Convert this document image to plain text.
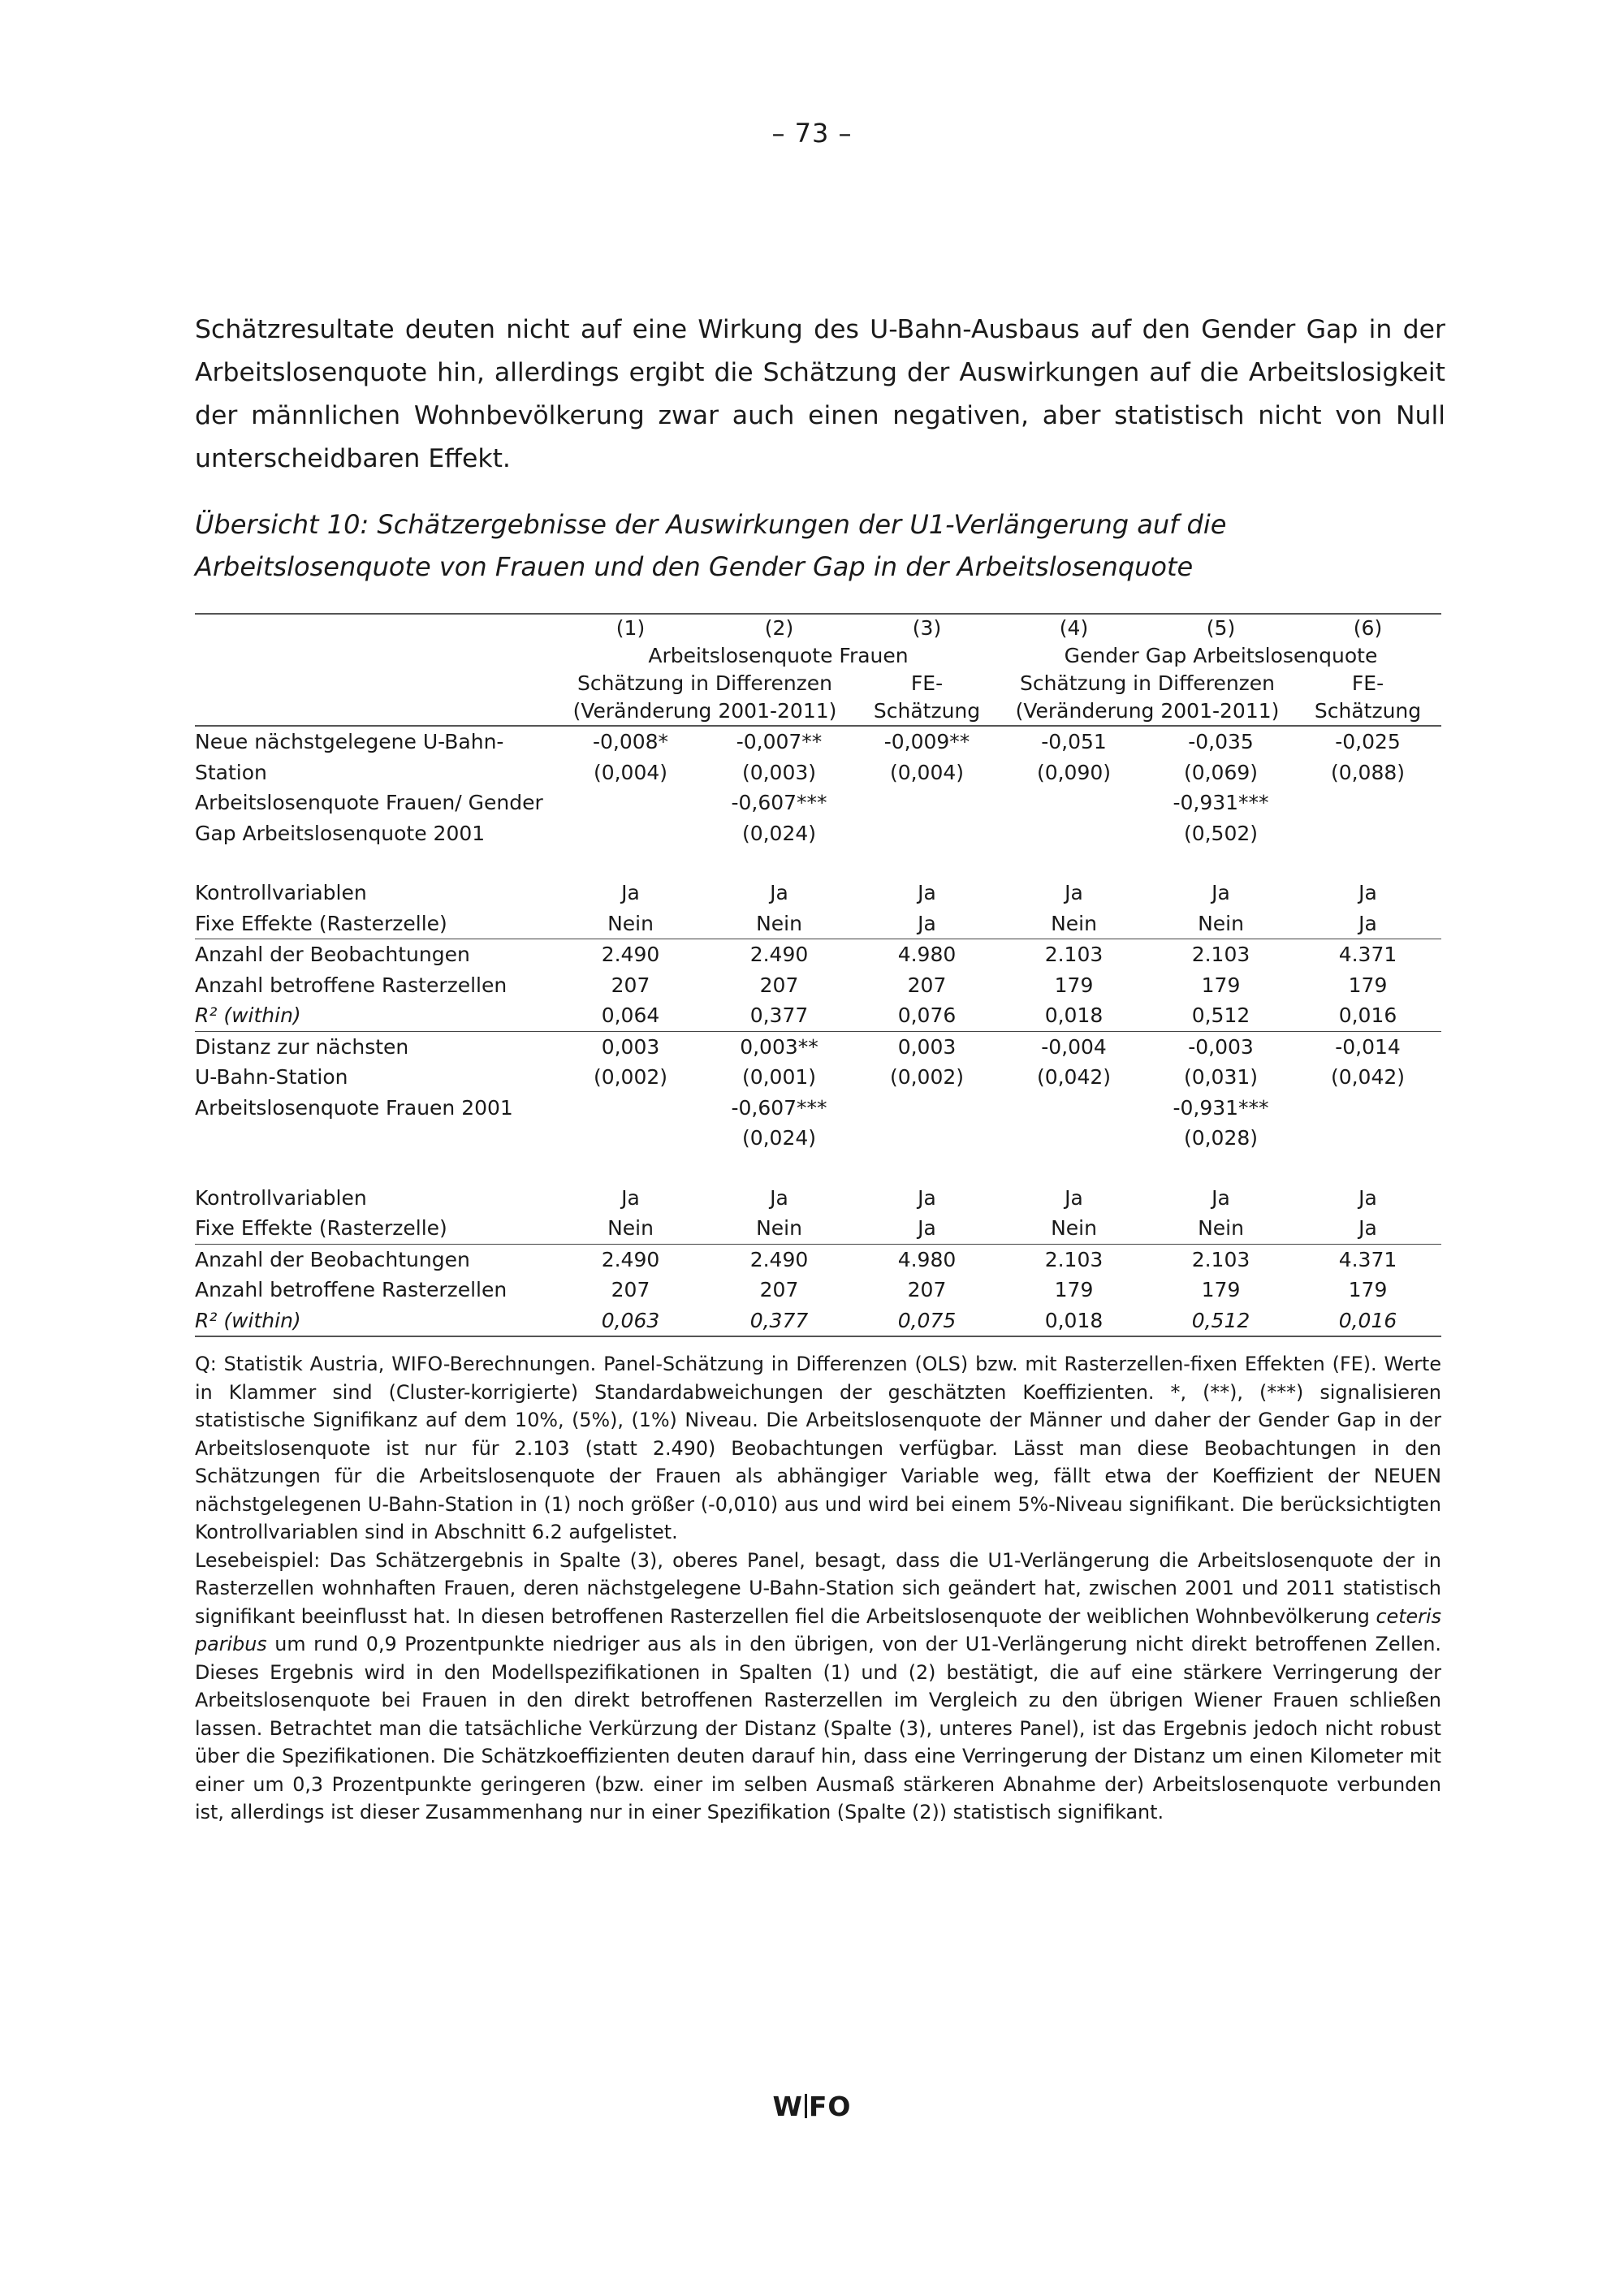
– 73 –

Schätzresultate deuten nicht auf eine Wirkung des U-Bahn-Ausbaus auf den Gender Gap in der Arbeitslosenquote hin, allerdings ergibt die Schätzung der Auswirkungen auf die Arbeitslosigkeit der männlichen Wohnbevölkerung zwar auch einen negativen, aber statistisch nicht von Null unterscheidbaren Effekt.

Übersicht 10: Schätzergebnisse der Auswirkungen der U1-Verlängerung auf die Arbeitslosenquote von Frauen und den Gender Gap in der Arbeitslosenquote

	(1)	(2)	(3)	(4)	(5)	(6)
	Arbeitslosenquote Frauen			Gender Gap Arbeitslosenquote		
	Schätzung in Differenzen		FE-	Schätzung in Differenzen		FE-
	(Veränderung 2001-2011)		Schätzung	(Veränderung 2001-2011)		Schätzung
Neue nächstgelegene U-Bahn-	-0,008*	-0,007**	-0,009**	-0,051	-0,035	-0,025
Station	(0,004)	(0,003)	(0,004)	(0,090)	(0,069)	(0,088)
Arbeitslosenquote Frauen/ Gender		-0,607***			-0,931***	
Gap Arbeitslosenquote 2001		(0,024)			(0,502)	

Kontrollvariablen	Ja	Ja	Ja	Ja	Ja	Ja
Fixe Effekte (Rasterzelle)	Nein	Nein	Ja	Nein	Nein	Ja
Anzahl der Beobachtungen	2.490	2.490	4.980	2.103	2.103	4.371
Anzahl betroffene Rasterzellen	207	207	207	179	179	179
R² (within)	0,064	0,377	0,076	0,018	0,512	0,016
Distanz zur nächsten	0,003	0,003**	0,003	-0,004	-0,003	-0,014
U-Bahn-Station	(0,002)	(0,001)	(0,002)	(0,042)	(0,031)	(0,042)
Arbeitslosenquote Frauen 2001		-0,607***			-0,931***	
		(0,024)			(0,028)	

Kontrollvariablen	Ja	Ja	Ja	Ja	Ja	Ja
Fixe Effekte (Rasterzelle)	Nein	Nein	Ja	Nein	Nein	Ja
Anzahl der Beobachtungen	2.490	2.490	4.980	2.103	2.103	4.371
Anzahl betroffene Rasterzellen	207	207	207	179	179	179
R² (within)	0,063	0,377	0,075	0,018	0,512	0,016

Q: Statistik Austria, WIFO-Berechnungen. Panel-Schätzung in Differenzen (OLS) bzw. mit Rasterzellen-fixen Effekten (FE). Werte in Klammer sind (Cluster-korrigierte) Standardabweichungen der geschätzten Koeffizienten. *, (**), (***) signalisieren statistische Signifikanz auf dem 10%, (5%), (1%) Niveau. Die Arbeitslosenquote der Männer und daher der Gender Gap in der Arbeitslosenquote ist nur für 2.103 (statt 2.490) Beobachtungen verfügbar. Lässt man diese Beobachtungen in den Schätzungen für die Arbeitslosenquote der Frauen als abhängiger Variable weg, fällt etwa der Koeffizient der NEUEN nächstgelegenen U-Bahn-Station in (1) noch größer (-0,010) aus und wird bei einem 5%-Niveau signifikant. Die berücksichtigten Kontrollvariablen sind in Abschnitt 6.2 aufgelistet.

Lesebeispiel: Das Schätzergebnis in Spalte (3), oberes Panel, besagt, dass die U1-Verlängerung die Arbeitslosenquote der in Rasterzellen wohnhaften Frauen, deren nächstgelegene U-Bahn-Station sich geändert hat, zwischen 2001 und 2011 statistisch signifikant beeinflusst hat. In diesen betroffenen Rasterzellen fiel die Arbeitslosenquote der weiblichen Wohnbevölkerung ceteris paribus um rund 0,9 Prozentpunkte niedriger aus als in den übrigen, von der U1-Verlängerung nicht direkt betroffenen Zellen. Dieses Ergebnis wird in den Modellspezifikationen in Spalten (1) und (2) bestätigt, die auf eine stärkere Verringerung der Arbeitslosenquote bei Frauen in den direkt betroffenen Rasterzellen im Vergleich zu den übrigen Wiener Frauen schließen lassen. Betrachtet man die tatsächliche Verkürzung der Distanz (Spalte (3), unteres Panel), ist das Ergebnis jedoch nicht robust über die Spezifikationen. Die Schätzkoeffizienten deuten darauf hin, dass eine Verringerung der Distanz um einen Kilometer mit einer um 0,3 Prozentpunkte geringeren (bzw. einer im selben Ausmaß stärkeren Abnahme der) Arbeitslosenquote verbunden ist, allerdings ist dieser Zusammenhang nur in einer Spezifikation (Spalte (2)) statistisch signifikant.

W FO
